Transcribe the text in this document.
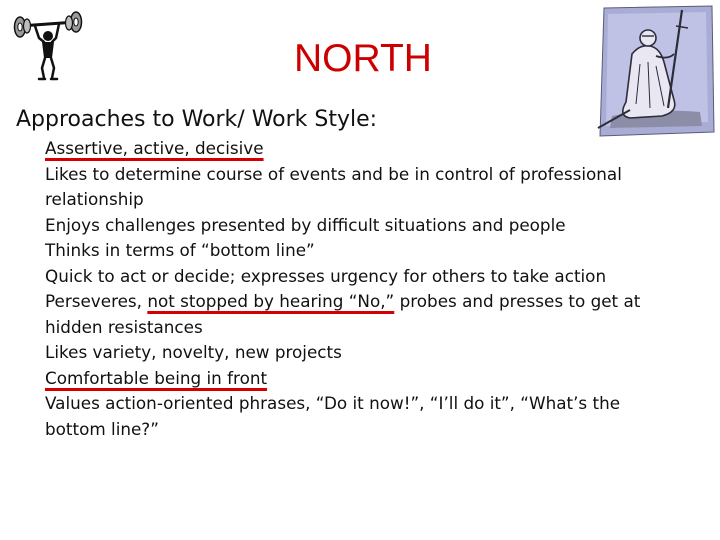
NORTH
Approaches to Work/ Work Style:
Assertive, active, decisive
Likes to determine course of events and be in control of professional relationship
Enjoys challenges presented by difficult situations and people
Thinks in terms of “bottom line”
Quick to act or decide; expresses urgency for others to take action
Perseveres, not stopped by hearing “No,” probes and presses to get at hidden resistances
Likes variety, novelty, new projects
Comfortable being in front
Values action-oriented phrases, “Do it now!”, “I’ll do it”, “What’s the bottom line?”
